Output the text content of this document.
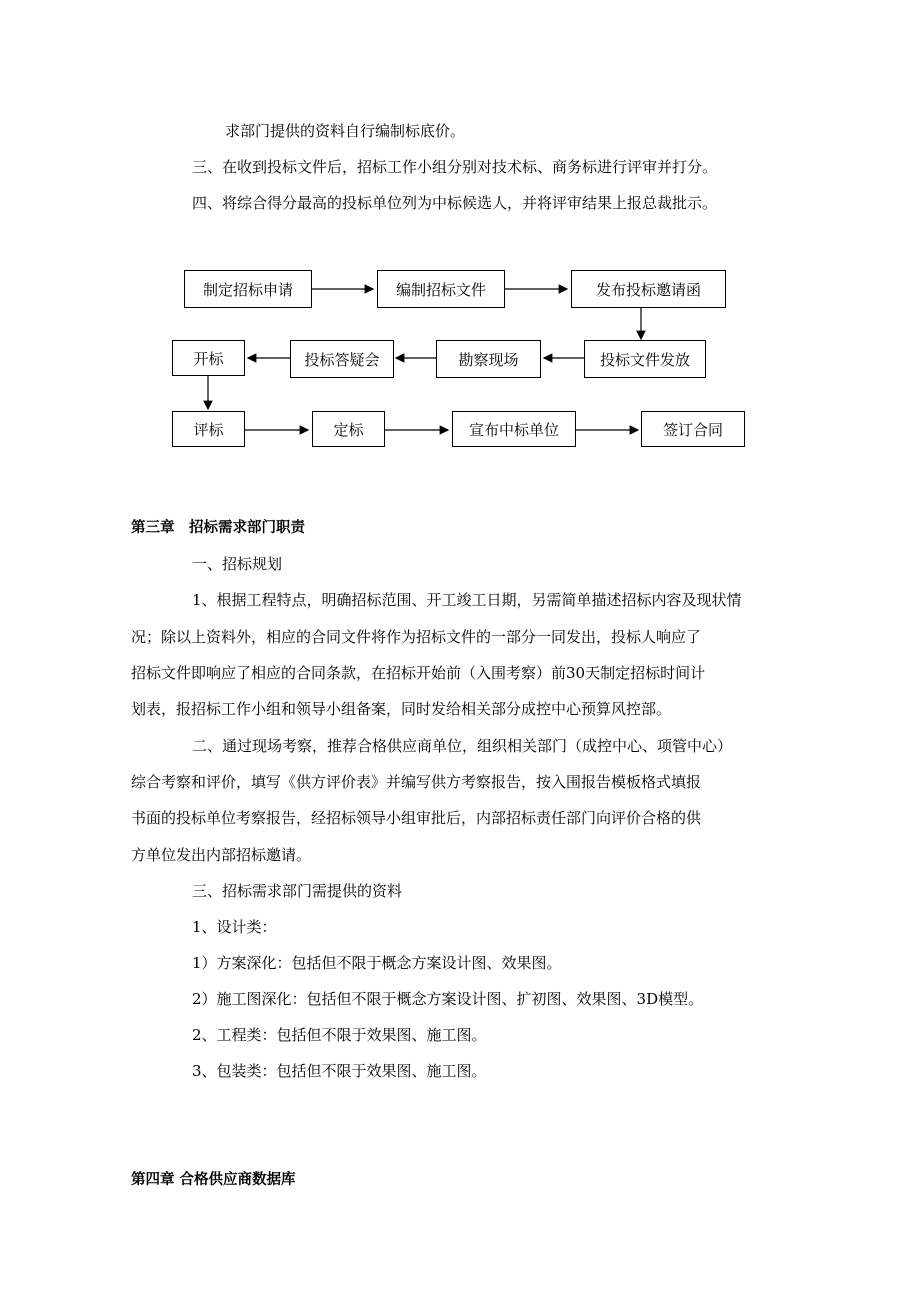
求部门提供的资料自行编制标底价。
三、在收到投标文件后，招标工作小组分别对技术标、商务标进行评审并打分。
四、将综合得分最高的投标单位列为中标候选人，并将评审结果上报总裁批示。
制定招标申请	编制招标文件	发布投标邀请函
投标文件发放
勘察现场
投标答疑会
开标
评标	定标	宣布中标单位	签订合同
第三章　招标需求部门职责
一、招标规划
1、根据工程特点，明确招标范围、开工竣工日期，另需简单描述招标内容及现状情
况；除以上资料外，相应的合同文件将作为招标文件的一部分一同发出，投标人响应了
招标文件即响应了相应的合同条款，在招标开始前（入围考察）前30天制定招标时间计
划表，报招标工作小组和领导小组备案，同时发给相关部分成控中心预算风控部。
二、通过现场考察，推荐合格供应商单位，组织相关部门（成控中心、项管中心）
综合考察和评价，填写《供方评价表》并编写供方考察报告，按入围报告模板格式填报
书面的投标单位考察报告，经招标领导小组审批后，内部招标责任部门向评价合格的供
方单位发出内部招标邀请。
三、招标需求部门需提供的资料
1、设计类：
1）方案深化：包括但不限于概念方案设计图、效果图。
2）施工图深化：包括但不限于概念方案设计图、扩初图、效果图、3D模型。
2、工程类：包括但不限于效果图、施工图。
3、包装类：包括但不限于效果图、施工图。
第四章 合格供应商数据库
